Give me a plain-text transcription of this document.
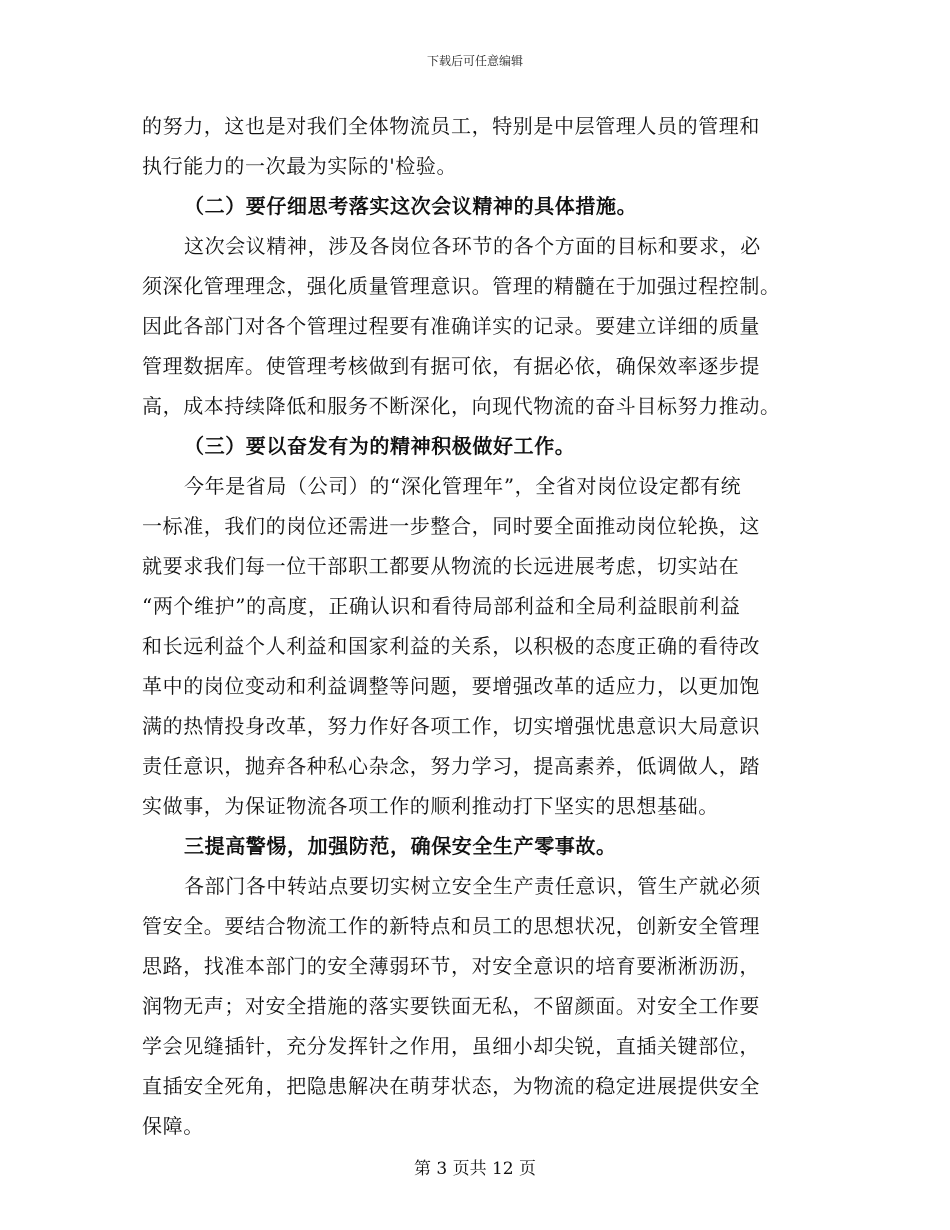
下载后可任意编辑
的努力，这也是对我们全体物流员工，特别是中层管理人员的管理和
执行能力的一次最为实际的'检验。
（二）要仔细思考落实这次会议精神的具体措施。
这次会议精神，涉及各岗位各环节的各个方面的目标和要求，必
须深化管理理念，强化质量管理意识。管理的精髓在于加强过程控制。
因此各部门对各个管理过程要有准确详实的记录。要建立详细的质量
管理数据库。使管理考核做到有据可依，有据必依，确保效率逐步提
高，成本持续降低和服务不断深化，向现代物流的奋斗目标努力推动。
（三）要以奋发有为的精神积极做好工作。
今年是省局（公司）的“深化管理年”，全省对岗位设定都有统
一标准，我们的岗位还需进一步整合，同时要全面推动岗位轮换，这
就要求我们每一位干部职工都要从物流的长远进展考虑，切实站在
“两个维护”的高度，正确认识和看待局部利益和全局利益眼前利益
和长远利益个人利益和国家利益的关系，以积极的态度正确的看待改
革中的岗位变动和利益调整等问题，要增强改革的适应力，以更加饱
满的热情投身改革，努力作好各项工作，切实增强忧患意识大局意识
责任意识，抛弃各种私心杂念，努力学习，提高素养，低调做人，踏
实做事，为保证物流各项工作的顺利推动打下坚实的思想基础。
三提高警惕，加强防范，确保安全生产零事故。
各部门各中转站点要切实树立安全生产责任意识，管生产就必须
管安全。要结合物流工作的新特点和员工的思想状况，创新安全管理
思路，找准本部门的安全薄弱环节，对安全意识的培育要淅淅沥沥，
润物无声；对安全措施的落实要铁面无私，不留颜面。对安全工作要
学会见缝插针，充分发挥针之作用，虽细小却尖锐，直插关键部位，
直插安全死角，把隐患解决在萌芽状态，为物流的稳定进展提供安全
保障。
第 3 页共 12 页
